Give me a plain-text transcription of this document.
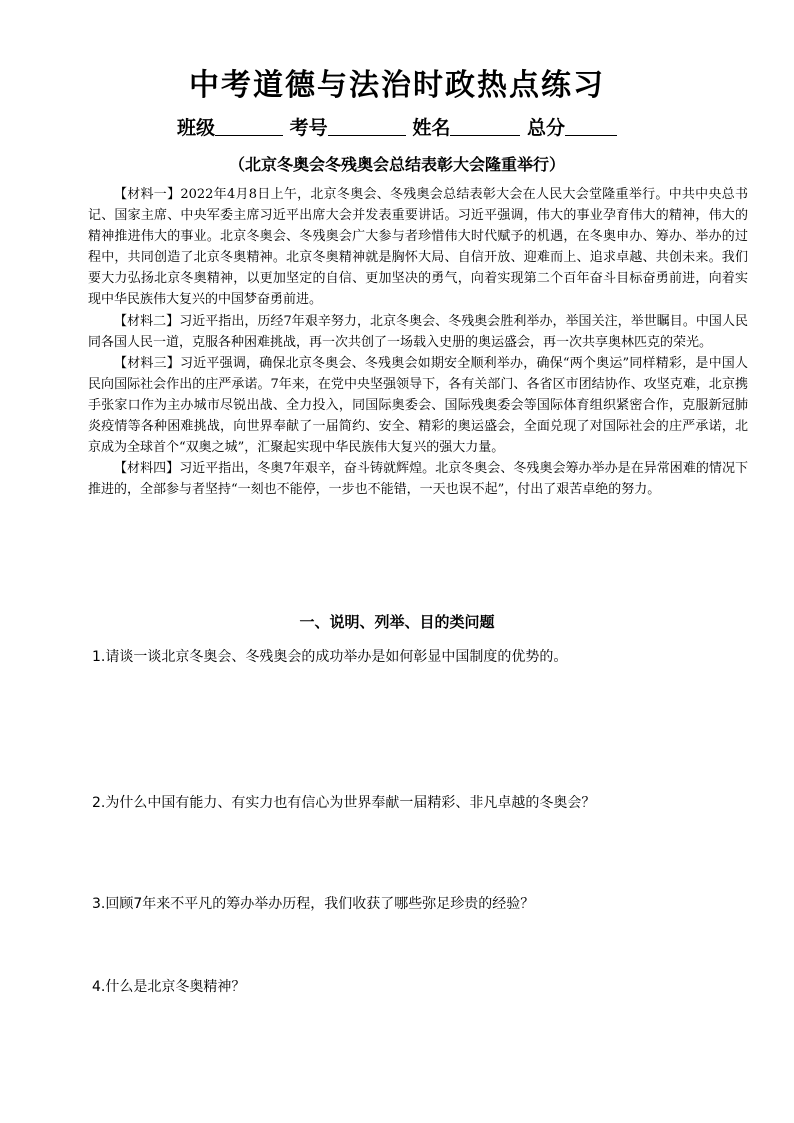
中考道德与法治时政热点练习
班级	考号	姓名	总分
（北京冬奥会冬残奥会总结表彰大会隆重举行）

【材料一】2022年4月8日上午，北京冬奥会、冬残奥会总结表彰大会在人民大会堂隆重举行。中共中央总书记、国家主席、中央军委主席习近平出席大会并发表重要讲话。习近平强调，伟大的事业孕育伟大的精神，伟大的精神推进伟大的事业。北京冬奥会、冬残奥会广大参与者珍惜伟大时代赋予的机遇，在冬奥申办、筹办、举办的过程中，共同创造了北京冬奥精神。北京冬奥精神就是胸怀大局、自信开放、迎难而上、追求卓越、共创未来。我们要大力弘扬北京冬奥精神，以更加坚定的自信、更加坚决的勇气，向着实现第二个百年奋斗目标奋勇前进，向着实现中华民族伟大复兴的中国梦奋勇前进。

【材料二】习近平指出，历经7年艰辛努力，北京冬奥会、冬残奥会胜利举办，举国关注，举世瞩目。中国人民同各国人民一道，克服各种困难挑战，再一次共创了一场载入史册的奥运盛会，再一次共享奥林匹克的荣光。

【材料三】习近平强调，确保北京冬奥会、冬残奥会如期安全顺利举办，确保“两个奥运”同样精彩，是中国人民向国际社会作出的庄严承诺。7年来，在党中央坚强领导下，各有关部门、各省区市团结协作、攻坚克难，北京携手张家口作为主办城市尽锐出战、全力投入，同国际奥委会、国际残奥委会等国际体育组织紧密合作，克服新冠肺炎疫情等各种困难挑战，向世界奉献了一届简约、安全、精彩的奥运盛会，全面兑现了对国际社会的庄严承诺，北京成为全球首个“双奥之城”，汇聚起实现中华民族伟大复兴的强大力量。

【材料四】习近平指出，冬奥7年艰辛，奋斗铸就辉煌。北京冬奥会、冬残奥会筹办举办是在异常困难的情况下推进的，全部参与者坚持“一刻也不能停，一步也不能错，一天也误不起”，付出了艰苦卓绝的努力。

一、说明、列举、目的类问题
1.请谈一谈北京冬奥会、冬残奥会的成功举办是如何彰显中国制度的优势的。
2.为什么中国有能力、有实力也有信心为世界奉献一届精彩、非凡卓越的冬奥会？
3.回顾7年来不平凡的筹办举办历程，我们收获了哪些弥足珍贵的经验？
4.什么是北京冬奥精神？
